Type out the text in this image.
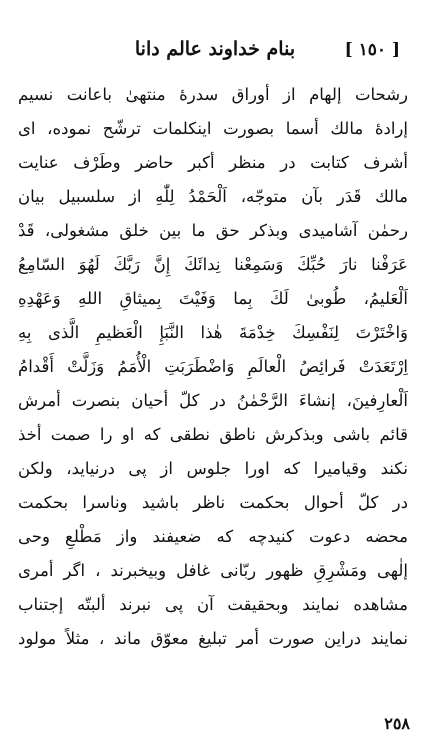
بنام خداوند عالم دانا	[ ١٥٠ ]
رشحات إلهام از أوراق سدرهٔ منتهیٰ باعانت نسیم
إرادهٔ مالك أسما بصورت اینكلمات ترشّح نموده، ای
أشرف كتابت در منظر أكبر حاضر وطَرْف عنایت
مالك قَدَر بآن متوجّه، اَلْحَمْدُ لِلّٰهِ از سلسبیل بیان
رحمٰن آشامیدی وبذكر حق ما بین خلق مشغولی، قَدْ
عَرَفْنا نارَ حُبِّكَ وَسَمِعْنا نِدائَكَ إِنَّ رَبَّكَ لَهُوَ السّامِعُ
اَلْعَلیمُ، طُوبیٰ لَكَ بِما وَفَیْتَ بِمیثاقِ اللهِ وَعَهْدِهِ
وَاخْتَرْتَ لِنَفْسِكَ خِدْمَةَ هٰذا النَّبَإِ الْعَظیمِ الَّذی بِهِ
اِرْتَعَدَتْ فَرائِصُ الْعالَمِ وَاضْطَرَبَتِ الْأُمَمُ وَزَلَّتْ أَقْدامُ
اَلْعارِفینَ، إنشاءَ الرَّحْمٰنُ در كلّ أحیان بنصرت أمرش
قائم باشی وبذكرش ناطق نطقی كه او را صمت أخذ
نكند وقیامیرا كه اورا جلوس از پی درنیاید، ولكن
در كلّ أحوال بحكمت ناظر باشید وناسرا بحكمت
محضه دعوت كنیدچه كه ضعیفند واز مَطْلعِ وحی
إلٰهی ومَشْرِقِ ظهور ربّانی غافل وبیخبرند ، اگر أمری
مشاهده نمایند وبحقیقت آن پی نبرند ألبتّه إجتناب
نمایند دراین صورت أمر تبلیغ معوّق ماند ، مثلاً مولود
٢٥٨
